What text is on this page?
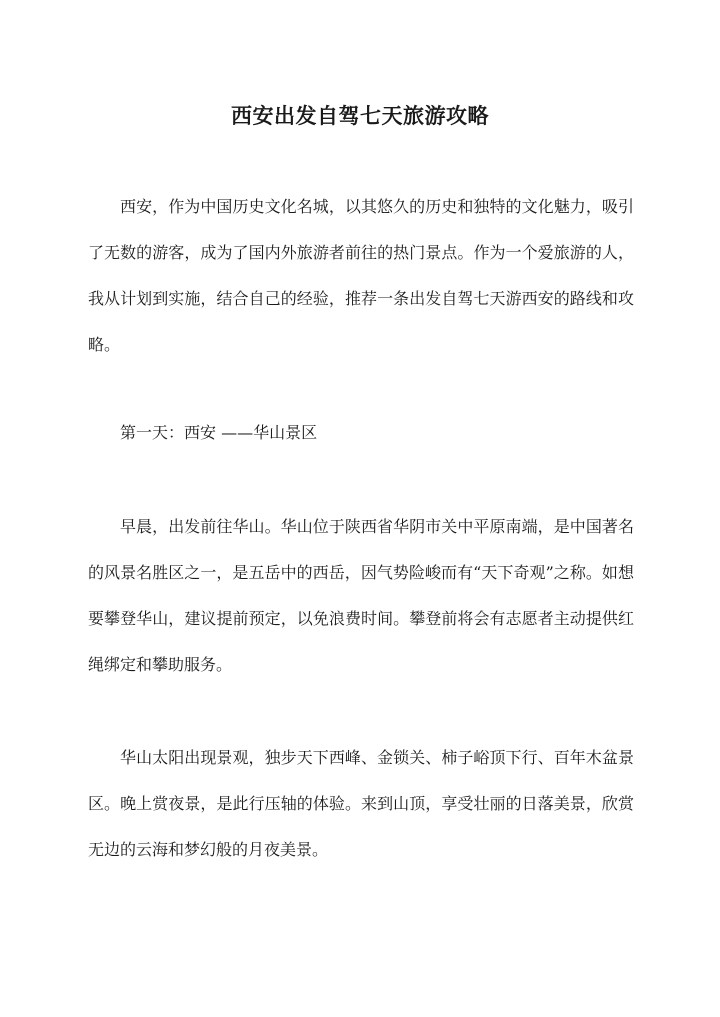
西安出发自驾七天旅游攻略

西安，作为中国历史文化名城，以其悠久的历史和独特的文化魅力，吸引了无数的游客，成为了国内外旅游者前往的热门景点。作为一个爱旅游的人，我从计划到实施，结合自己的经验，推荐一条出发自驾七天游西安的路线和攻略。

第一天：西安 ——华山景区

早晨，出发前往华山。华山位于陕西省华阴市关中平原南端，是中国著名的风景名胜区之一，是五岳中的西岳，因气势险峻而有“天下奇观”之称。如想要攀登华山，建议提前预定，以免浪费时间。攀登前将会有志愿者主动提供红绳绑定和攀助服务。

华山太阳出现景观，独步天下西峰、金锁关、柿子峪顶下行、百年木盆景区。晚上赏夜景，是此行压轴的体验。来到山顶，享受壮丽的日落美景，欣赏无边的云海和梦幻般的月夜美景。
